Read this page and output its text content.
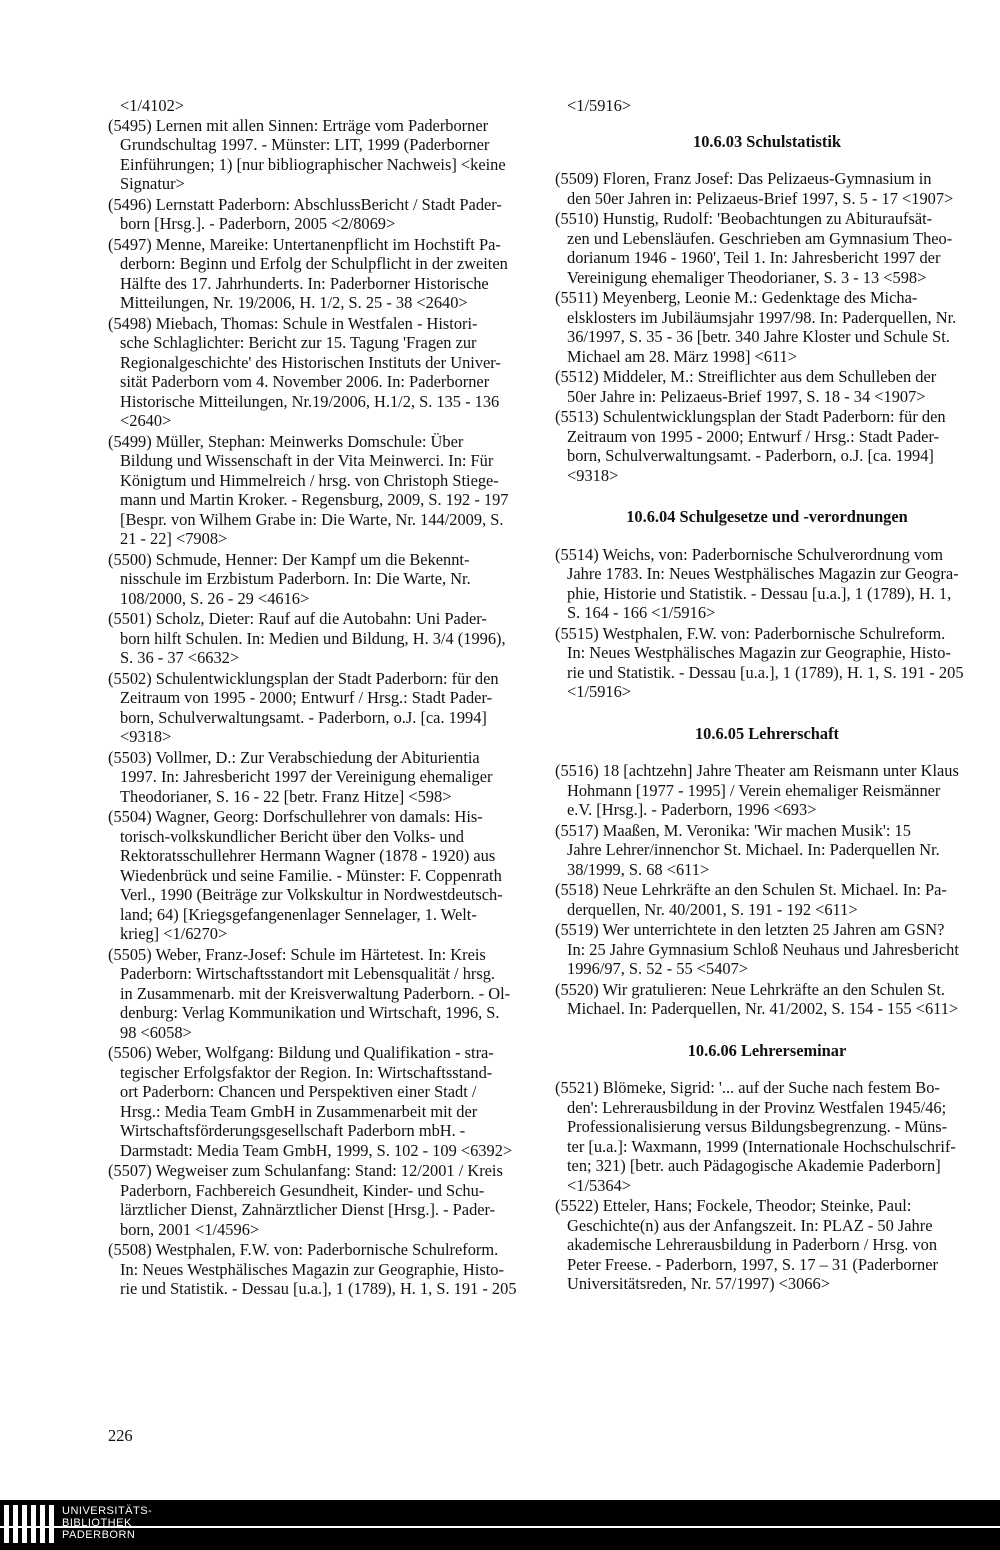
<1/4102>
(5495) Lernen mit allen Sinnen: Erträge vom Paderborner
Grundschultag 1997. - Münster: LIT, 1999 (Paderborner
Einführungen; 1) [nur bibliographischer Nachweis] <keine
Signatur>
(5496) Lernstatt Paderborn: AbschlussBericht / Stadt Pader-
born [Hrsg.]. - Paderborn, 2005 <2/8069>
(5497) Menne, Mareike: Untertanenpflicht im Hochstift Pa-
derborn: Beginn und Erfolg der Schulpflicht in der zweiten
Hälfte des 17. Jahrhunderts. In: Paderborner Historische
Mitteilungen, Nr. 19/2006, H. 1/2, S. 25 - 38 <2640>
(5498) Miebach, Thomas: Schule in Westfalen - Histori-
sche Schlaglichter: Bericht zur 15. Tagung 'Fragen zur
Regionalgeschichte' des Historischen Instituts der Univer-
sität Paderborn vom 4. November 2006. In: Paderborner
Historische Mitteilungen, Nr.19/2006, H.1/2, S. 135 - 136
<2640>
(5499) Müller, Stephan: Meinwerks Domschule: Über
Bildung und Wissenschaft in der Vita Meinwerci. In: Für
Königtum und Himmelreich / hrsg. von Christoph Stiege-
mann und Martin Kroker. - Regensburg, 2009, S. 192 - 197
[Bespr. von Wilhem Grabe in: Die Warte, Nr. 144/2009, S.
21 - 22] <7908>
(5500) Schmude, Henner: Der Kampf um die Bekennt-
nisschule im Erzbistum Paderborn. In: Die Warte, Nr.
108/2000, S. 26 - 29 <4616>
(5501) Scholz, Dieter: Rauf auf die Autobahn: Uni Pader-
born hilft Schulen. In: Medien und Bildung, H. 3/4 (1996),
S. 36 - 37 <6632>
(5502) Schulentwicklungsplan der Stadt Paderborn: für den
Zeitraum von 1995 - 2000; Entwurf / Hrsg.: Stadt Pader-
born, Schulverwaltungsamt. - Paderborn, o.J. [ca. 1994]
<9318>
(5503) Vollmer, D.: Zur Verabschiedung der Abiturientia
1997. In: Jahresbericht 1997 der Vereinigung ehemaliger
Theodorianer, S. 16 - 22 [betr. Franz Hitze] <598>
(5504) Wagner, Georg: Dorfschullehrer von damals: His-
torisch-volkskundlicher Bericht über den Volks- und
Rektoratsschullehrer Hermann Wagner (1878 - 1920) aus
Wiedenbrück und seine Familie. - Münster: F. Coppenrath
Verl., 1990 (Beiträge zur Volkskultur in Nordwestdeutsch-
land; 64) [Kriegsgefangenenlager Sennelager, 1. Welt-
krieg] <1/6270>
(5505) Weber, Franz-Josef: Schule im Härtetest. In: Kreis
Paderborn: Wirtschaftsstandort mit Lebensqualität / hrsg.
in Zusammenarb. mit der Kreisverwaltung Paderborn. - Ol-
denburg: Verlag Kommunikation und Wirtschaft, 1996, S.
98 <6058>
(5506) Weber, Wolfgang: Bildung und Qualifikation - stra-
tegischer Erfolgsfaktor der Region. In: Wirtschaftsstand-
ort Paderborn: Chancen und Perspektiven einer Stadt /
Hrsg.: Media Team GmbH in Zusammenarbeit mit der
Wirtschaftsförderungsgesellschaft Paderborn mbH. -
Darmstadt: Media Team GmbH, 1999, S. 102 - 109 <6392>
(5507) Wegweiser zum Schulanfang: Stand: 12/2001 / Kreis
Paderborn, Fachbereich Gesundheit, Kinder- und Schu-
lärztlicher Dienst, Zahnärztlicher Dienst [Hrsg.]. - Pader-
born, 2001 <1/4596>
(5508) Westphalen, F.W. von: Paderbornische Schulreform.
In: Neues Westphälisches Magazin zur Geographie, Histo-
rie und Statistik. - Dessau [u.a.], 1 (1789), H. 1, S. 191 - 205
<1/5916>
10.6.03 Schulstatistik
(5509) Floren, Franz Josef: Das Pelizaeus-Gymnasium in
den 50er Jahren in: Pelizaeus-Brief 1997, S. 5 - 17 <1907>
(5510) Hunstig, Rudolf: 'Beobachtungen zu Abituraufsät-
zen und Lebensläufen. Geschrieben am Gymnasium Theo-
dorianum 1946 - 1960', Teil 1. In: Jahresbericht 1997 der
Vereinigung ehemaliger Theodorianer, S. 3 - 13 <598>
(5511) Meyenberg, Leonie M.: Gedenktage des Micha-
elsklosters im Jubiläumsjahr 1997/98. In: Paderquellen, Nr.
36/1997, S. 35 - 36 [betr. 340 Jahre Kloster und Schule St.
Michael am 28. März 1998] <611>
(5512) Middeler, M.: Streiflichter aus dem Schulleben der
50er Jahre in: Pelizaeus-Brief 1997, S. 18 - 34 <1907>
(5513) Schulentwicklungsplan der Stadt Paderborn: für den
Zeitraum von 1995 - 2000; Entwurf / Hrsg.: Stadt Pader-
born, Schulverwaltungsamt. - Paderborn, o.J. [ca. 1994]
<9318>
10.6.04 Schulgesetze und -verordnungen
(5514) Weichs, von: Paderbornische Schulverordnung vom
Jahre 1783. In: Neues Westphälisches Magazin zur Geogra-
phie, Historie und Statistik. - Dessau [u.a.], 1 (1789), H. 1,
S. 164 - 166 <1/5916>
(5515) Westphalen, F.W. von: Paderbornische Schulreform.
In: Neues Westphälisches Magazin zur Geographie, Histo-
rie und Statistik. - Dessau [u.a.], 1 (1789), H. 1, S. 191 - 205
<1/5916>
10.6.05 Lehrerschaft
(5516) 18 [achtzehn] Jahre Theater am Reismann unter Klaus
Hohmann [1977 - 1995] / Verein ehemaliger Reismänner
e.V. [Hrsg.]. - Paderborn, 1996 <693>
(5517) Maaßen, M. Veronika: 'Wir machen Musik': 15
Jahre Lehrer/innenchor St. Michael. In: Paderquellen Nr.
38/1999, S. 68 <611>
(5518) Neue Lehrkräfte an den Schulen St. Michael. In: Pa-
derquellen, Nr. 40/2001, S. 191 - 192 <611>
(5519) Wer unterrichtete in den letzten 25 Jahren am GSN?
In: 25 Jahre Gymnasium Schloß Neuhaus und Jahresbericht
1996/97, S. 52 - 55 <5407>
(5520) Wir gratulieren: Neue Lehrkräfte an den Schulen St.
Michael. In: Paderquellen, Nr. 41/2002, S. 154 - 155 <611>
10.6.06 Lehrerseminar
(5521) Blömeke, Sigrid: '... auf der Suche nach festem Bo-
den': Lehrerausbildung in der Provinz Westfalen 1945/46;
Professionalisierung versus Bildungsbegrenzung. - Müns-
ter [u.a.]: Waxmann, 1999 (Internationale Hochschulschrif-
ten; 321) [betr. auch Pädagogische Akademie Paderborn]
<1/5364>
(5522) Etteler, Hans; Fockele, Theodor; Steinke, Paul:
Geschichte(n) aus der Anfangszeit. In: PLAZ - 50 Jahre
akademische Lehrerausbildung in Paderborn / Hrsg. von
Peter Freese. - Paderborn, 1997, S. 17 – 31 (Paderborner
Universitätsreden, Nr. 57/1997) <3066>
226
UNIVERSITÄTS-
BIBLIOTHEK
PADERBORN
